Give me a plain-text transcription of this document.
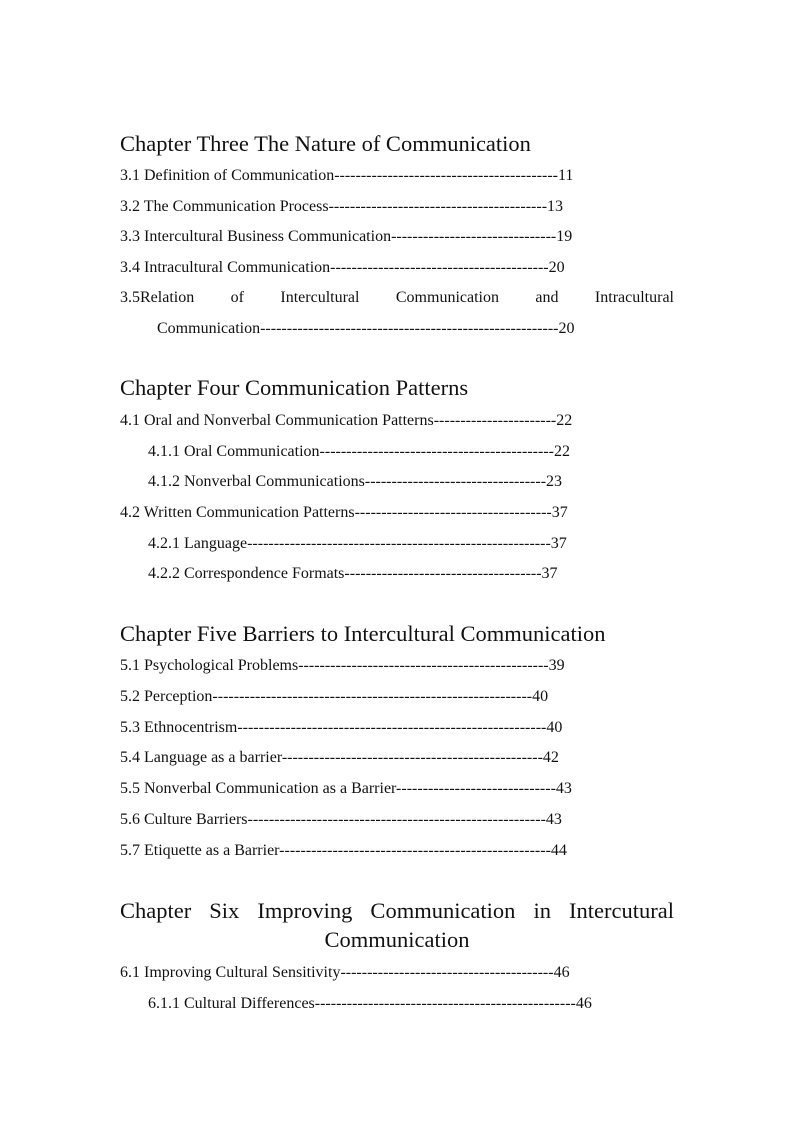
Chapter Three The Nature of Communication
3.1 Definition of Communication------------------------------------------11
3.2 The Communication Process-----------------------------------------13
3.3 Intercultural Business Communication-------------------------------19
3.4 Intracultural Communication-----------------------------------------20
3.5Relation of Intercultural Communication and Intracultural
Communication--------------------------------------------------------20
Chapter Four Communication Patterns
4.1 Oral and Nonverbal Communication Patterns-----------------------22
4.1.1 Oral Communication--------------------------------------------22
4.1.2 Nonverbal Communications----------------------------------23
4.2 Written Communication Patterns-------------------------------------37
4.2.1 Language---------------------------------------------------------37
4.2.2 Correspondence Formats-------------------------------------37
Chapter Five Barriers to Intercultural Communication
5.1 Psychological Problems-----------------------------------------------39
5.2 Perception------------------------------------------------------------40
5.3 Ethnocentrism----------------------------------------------------------40
5.4 Language as a barrier-------------------------------------------------42
5.5 Nonverbal Communication as a Barrier------------------------------43
5.6 Culture Barriers--------------------------------------------------------43
5.7 Etiquette as a Barrier---------------------------------------------------44
Chapter Six Improving Communication in Intercutural
Communication
6.1 Improving Cultural Sensitivity----------------------------------------46
6.1.1 Cultural Differences-------------------------------------------------46
